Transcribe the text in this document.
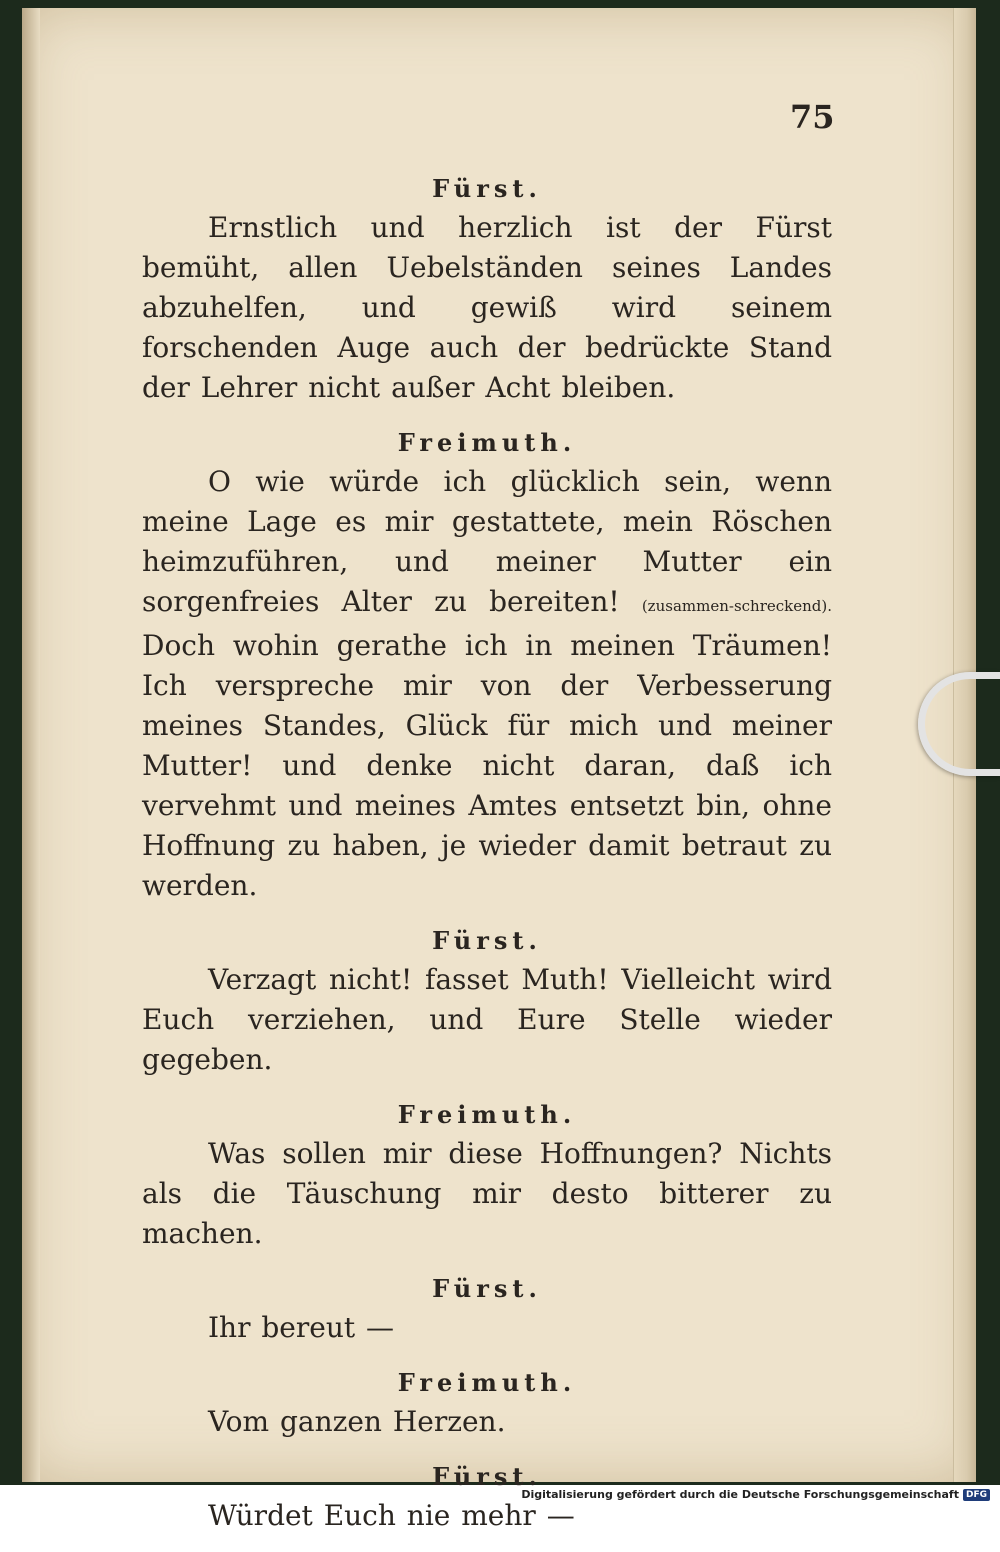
75
Fürst.

Ernstlich und herzlich ist der Fürst bemüht, allen Uebelständen seines Landes abzuhelfen, und gewiß wird seinem forschenden Auge auch der bedrückte Stand der Lehrer nicht außer Acht bleiben.

Freimuth.

O wie würde ich glücklich sein, wenn meine Lage es mir gestattete, mein Röschen heimzuführen, und meiner Mutter ein sorgenfreies Alter zu bereiten! (zusammen-schreckend). Doch wohin gerathe ich in meinen Träumen! Ich verspreche mir von der Verbesserung meines Standes, Glück für mich und meiner Mutter! und denke nicht daran, daß ich vervehmt und meines Amtes entsetzt bin, ohne Hoffnung zu haben, je wieder damit betraut zu werden.

Fürst.

Verzagt nicht! fasset Muth! Vielleicht wird Euch verziehen, und Eure Stelle wieder gegeben.

Freimuth.

Was sollen mir diese Hoffnungen? Nichts als die Täuschung mir desto bitterer zu machen.

Fürst.

Ihr bereut —

Freimuth.

Vom ganzen Herzen.

Fürst.

Würdet Euch nie mehr —

Digitalisierung gefördert durch die Deutsche Forschungsgemeinschaft DFG
